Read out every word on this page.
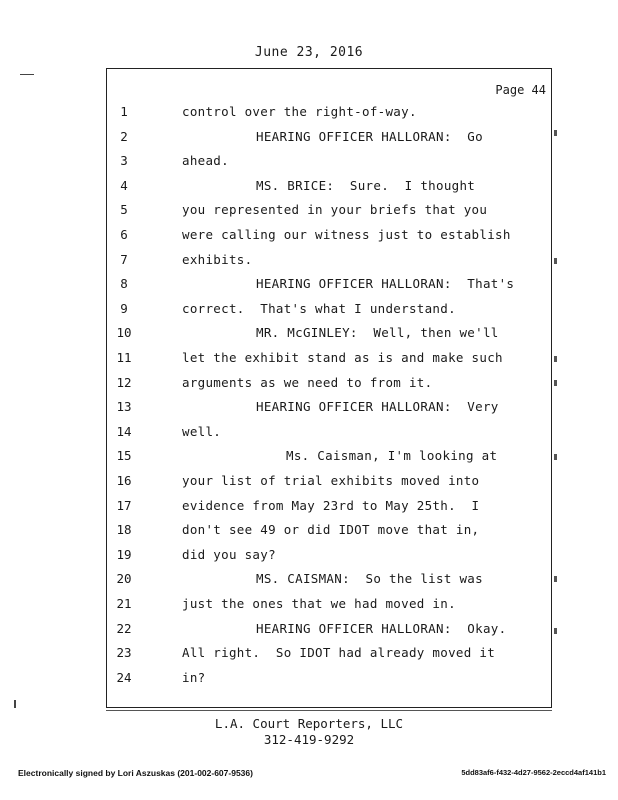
June 23, 2016
Page 44
1	control over the right-of-way.
2	HEARING OFFICER HALLORAN:  Go
3	ahead.
4	MS. BRICE:  Sure.  I thought
5	you represented in your briefs that you
6	were calling our witness just to establish
7	exhibits.
8	HEARING OFFICER HALLORAN:  That's
9	correct.  That's what I understand.
10	MR. McGINLEY:  Well, then we'll
11	let the exhibit stand as is and make such
12	arguments as we need to from it.
13	HEARING OFFICER HALLORAN:  Very
14	well.
15	Ms. Caisman, I'm looking at
16	your list of trial exhibits moved into
17	evidence from May 23rd to May 25th.  I
18	don't see 49 or did IDOT move that in,
19	did you say?
20	MS. CAISMAN:  So the list was
21	just the ones that we had moved in.
22	HEARING OFFICER HALLORAN:  Okay.
23	All right.  So IDOT had already moved it
24	in?
L.A. Court Reporters, LLC
312-419-9292
Electronically signed by Lori Aszuskas (201-002-607-9536)	5dd83af6-f432-4d27-9562-2eccd4af141b1
